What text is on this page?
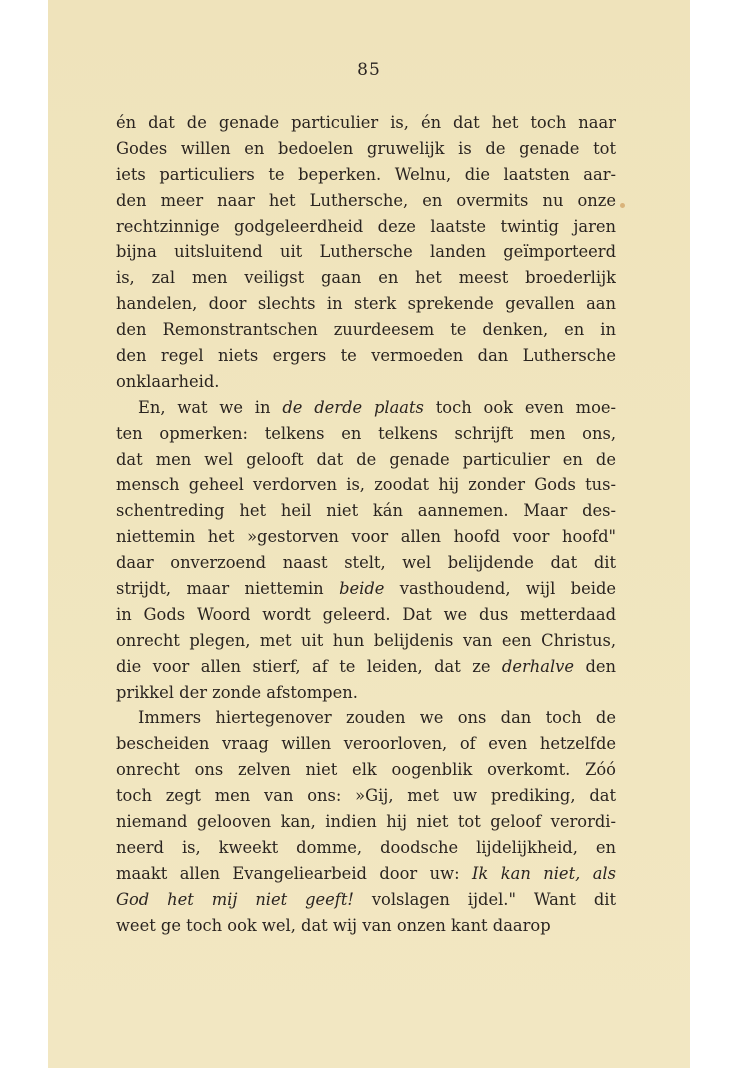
85
én dat de genade particulier is, én dat het toch naar
Godes willen en bedoelen gruwelijk is de genade tot
iets particuliers te beperken. Welnu, die laatsten aar-
den meer naar het Luthersche, en overmits nu onze
rechtzinnige godgeleerdheid deze laatste twintig jaren
bijna uitsluitend uit Luthersche landen geïmporteerd
is, zal men veiligst gaan en het meest broederlijk
handelen, door slechts in sterk sprekende gevallen aan
den Remonstrantschen zuurdeesem te denken, en in
den regel niets ergers te vermoeden dan Luthersche
onklaarheid.
En, wat we in de derde plaats toch ook even moe-
ten opmerken: telkens en telkens schrijft men ons,
dat men wel gelooft dat de genade particulier en de
mensch geheel verdorven is, zoodat hij zonder Gods tus-
schentreding het heil niet kán aannemen. Maar des-
niettemin het »gestorven voor allen hoofd voor hoofd"
daar onverzoend naast stelt, wel belijdende dat dit
strijdt, maar niettemin beide vasthoudend, wijl beide
in Gods Woord wordt geleerd. Dat we dus metterdaad
onrecht plegen, met uit hun belijdenis van een Christus,
die voor allen stierf, af te leiden, dat ze derhalve den
prikkel der zonde afstompen.
Immers hiertegenover zouden we ons dan toch de
bescheiden vraag willen veroorloven, of even hetzelfde
onrecht ons zelven niet elk oogenblik overkomt. Zóó
toch zegt men van ons: »Gij, met uw prediking, dat
niemand gelooven kan, indien hij niet tot geloof verordi-
neerd is, kweekt domme, doodsche lijdelijkheid, en
maakt allen Evangeliearbeid door uw: Ik kan niet, als
God het mij niet geeft! volslagen ijdel." Want dit
weet ge toch ook wel, dat wij van onzen kant daarop
